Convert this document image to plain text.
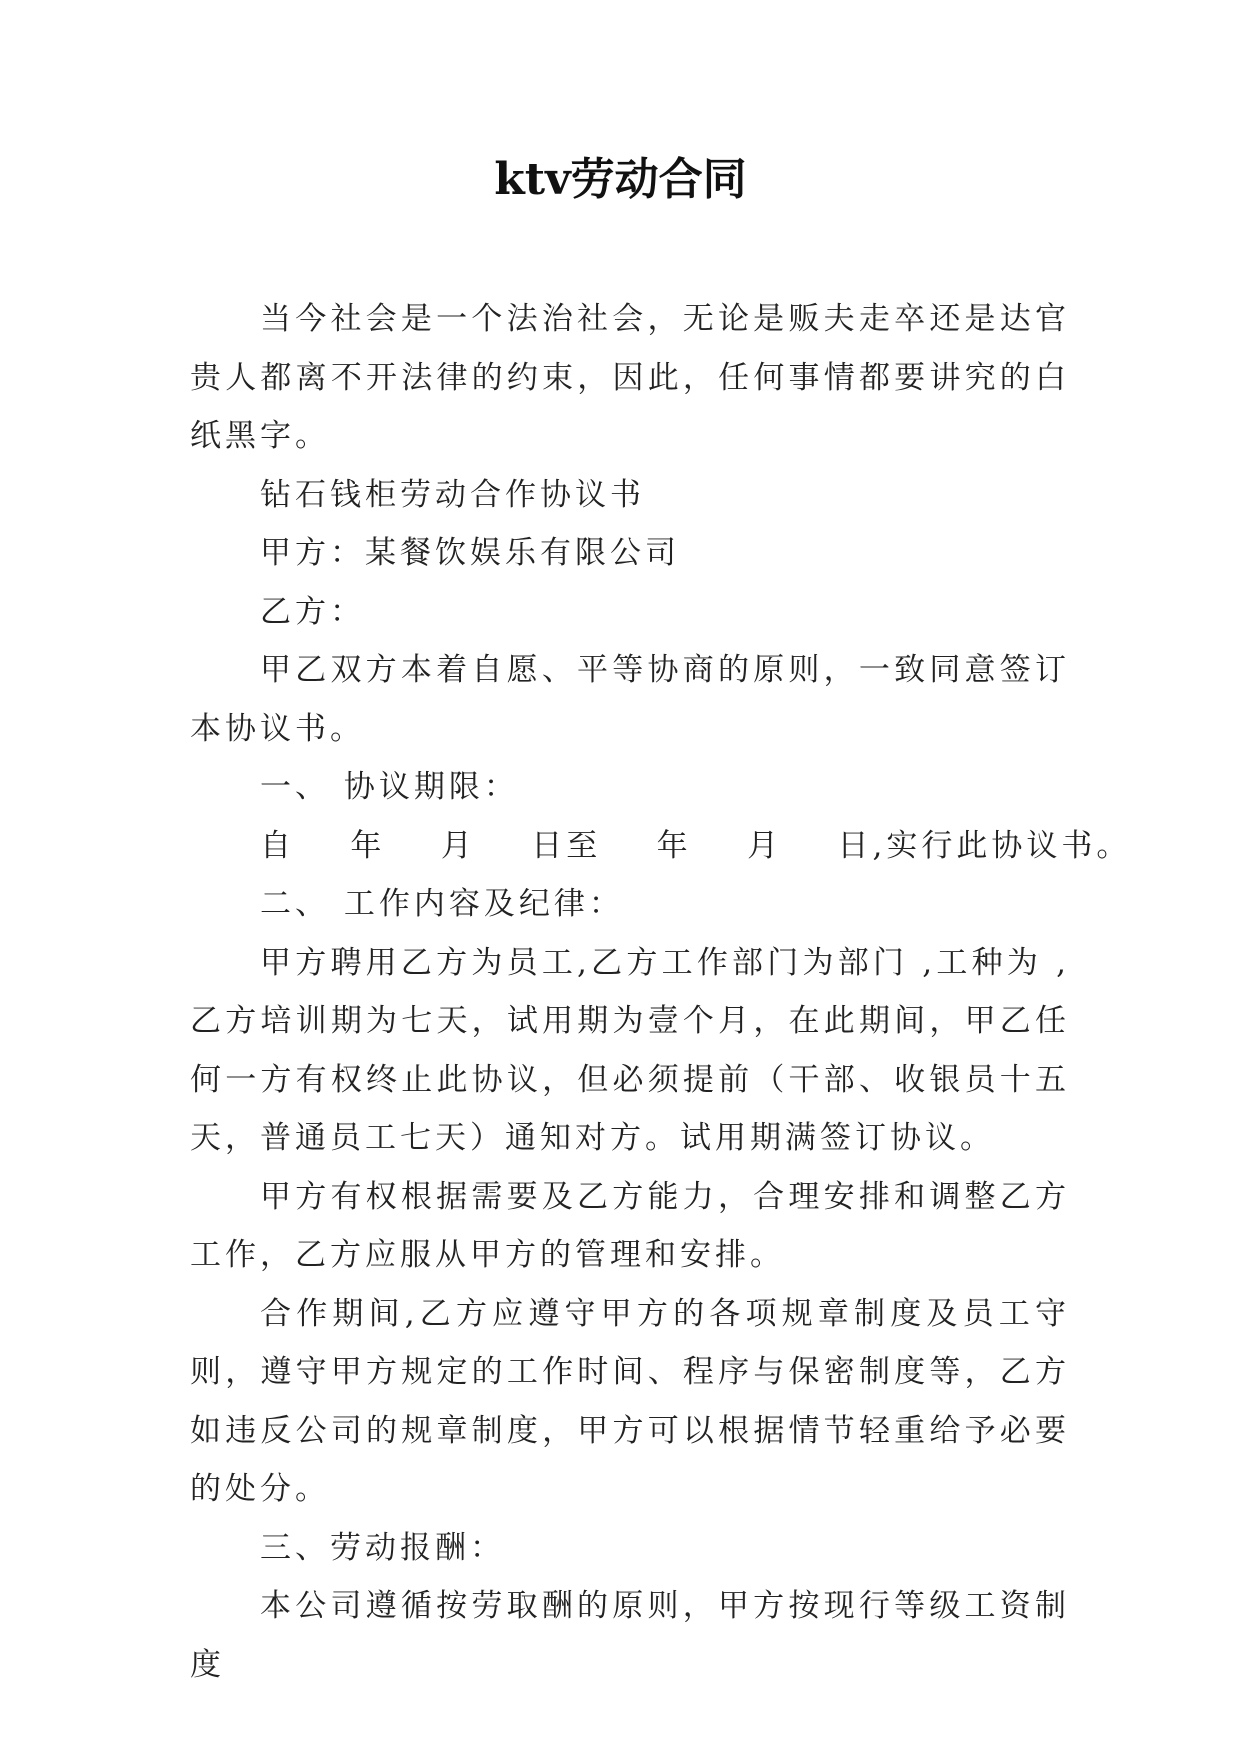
ktv劳动合同

当今社会是一个法治社会，无论是贩夫走卒还是达官贵人都离不开法律的约束，因此，任何事情都要讲究的白纸黑字。

钻石钱柜劳动合作协议书

甲方：某餐饮娱乐有限公司

乙方：

甲乙双方本着自愿、平等协商的原则，一致同意签订本协议书。

一、 协议期限：

自    年    月    日至    年    月    日,实行此协议书。

二、 工作内容及纪律：

甲方聘用乙方为员工,乙方工作部门为部门 ,工种为 ,乙方培训期为七天，试用期为壹个月，在此期间，甲乙任何一方有权终止此协议，但必须提前（干部、收银员十五天，普通员工七天）通知对方。试用期满签订协议。

甲方有权根据需要及乙方能力，合理安排和调整乙方工作，乙方应服从甲方的管理和安排。

合作期间,乙方应遵守甲方的各项规章制度及员工守则，遵守甲方规定的工作时间、程序与保密制度等，乙方如违反公司的规章制度，甲方可以根据情节轻重给予必要的处分。

三、劳动报酬：

本公司遵循按劳取酬的原则，甲方按现行等级工资制度
